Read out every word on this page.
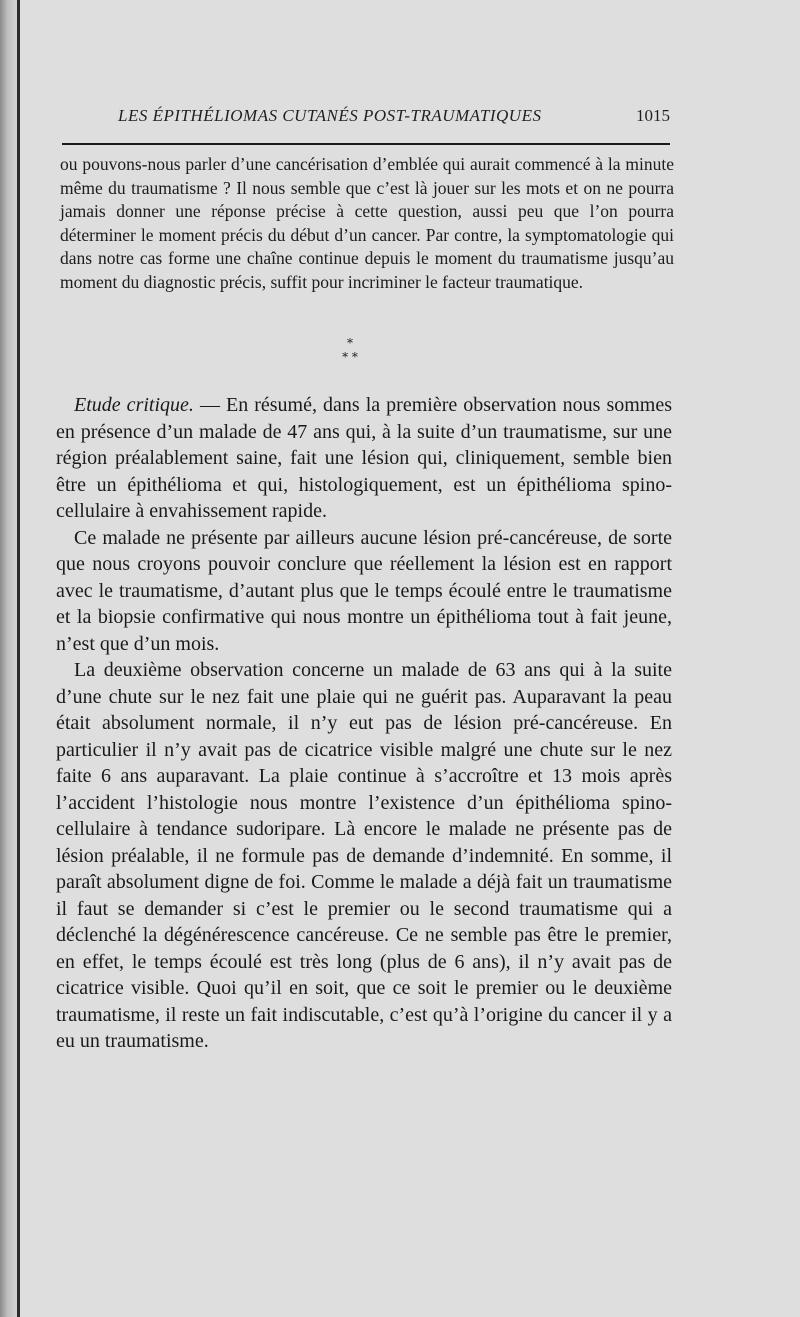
LES ÉPITHÉLIOMAS CUTANÉS POST-TRAUMATIQUES	1015
ou pouvons-nous parler d’une cancérisation d’emblée qui aurait commencé à la minute même du traumatisme ? Il nous semble que c’est là jouer sur les mots et on ne pourra jamais donner une réponse précise à cette question, aussi peu que l’on pourra déterminer le moment précis du début d’un cancer. Par contre, la symptomatologie qui dans notre cas forme une chaîne continue depuis le moment du traumatisme jusqu’au moment du diagnostic précis, suffit pour incriminer le facteur traumatique.
*
* *

Etude critique. — En résumé, dans la première observation nous sommes en présence d’un malade de 47 ans qui, à la suite d’un traumatisme, sur une région préalablement saine, fait une lésion qui, cliniquement, semble bien être un épithélioma et qui, histologiquement, est un épithélioma spino-cellulaire à envahissement rapide.

Ce malade ne présente par ailleurs aucune lésion pré-cancéreuse, de sorte que nous croyons pouvoir conclure que réellement la lésion est en rapport avec le traumatisme, d’autant plus que le temps écoulé entre le traumatisme et la biopsie confirmative qui nous montre un épithélioma tout à fait jeune, n’est que d’un mois.

La deuxième observation concerne un malade de 63 ans qui à la suite d’une chute sur le nez fait une plaie qui ne guérit pas. Auparavant la peau était absolument normale, il n’y eut pas de lésion pré-cancéreuse. En particulier il n’y avait pas de cicatrice visible malgré une chute sur le nez faite 6 ans auparavant. La plaie continue à s’accroître et 13 mois après l’accident l’histologie nous montre l’existence d’un épithélioma spino-cellulaire à tendance sudoripare. Là encore le malade ne présente pas de lésion préalable, il ne formule pas de demande d’indemnité. En somme, il paraît absolument digne de foi. Comme le malade a déjà fait un traumatisme il faut se demander si c’est le premier ou le second traumatisme qui a déclenché la dégénérescence cancéreuse. Ce ne semble pas être le premier, en effet, le temps écoulé est très long (plus de 6 ans), il n’y avait pas de cicatrice visible. Quoi qu’il en soit, que ce soit le premier ou le deuxième traumatisme, il reste un fait indiscutable, c’est qu’à l’origine du cancer il y a eu un traumatisme.
